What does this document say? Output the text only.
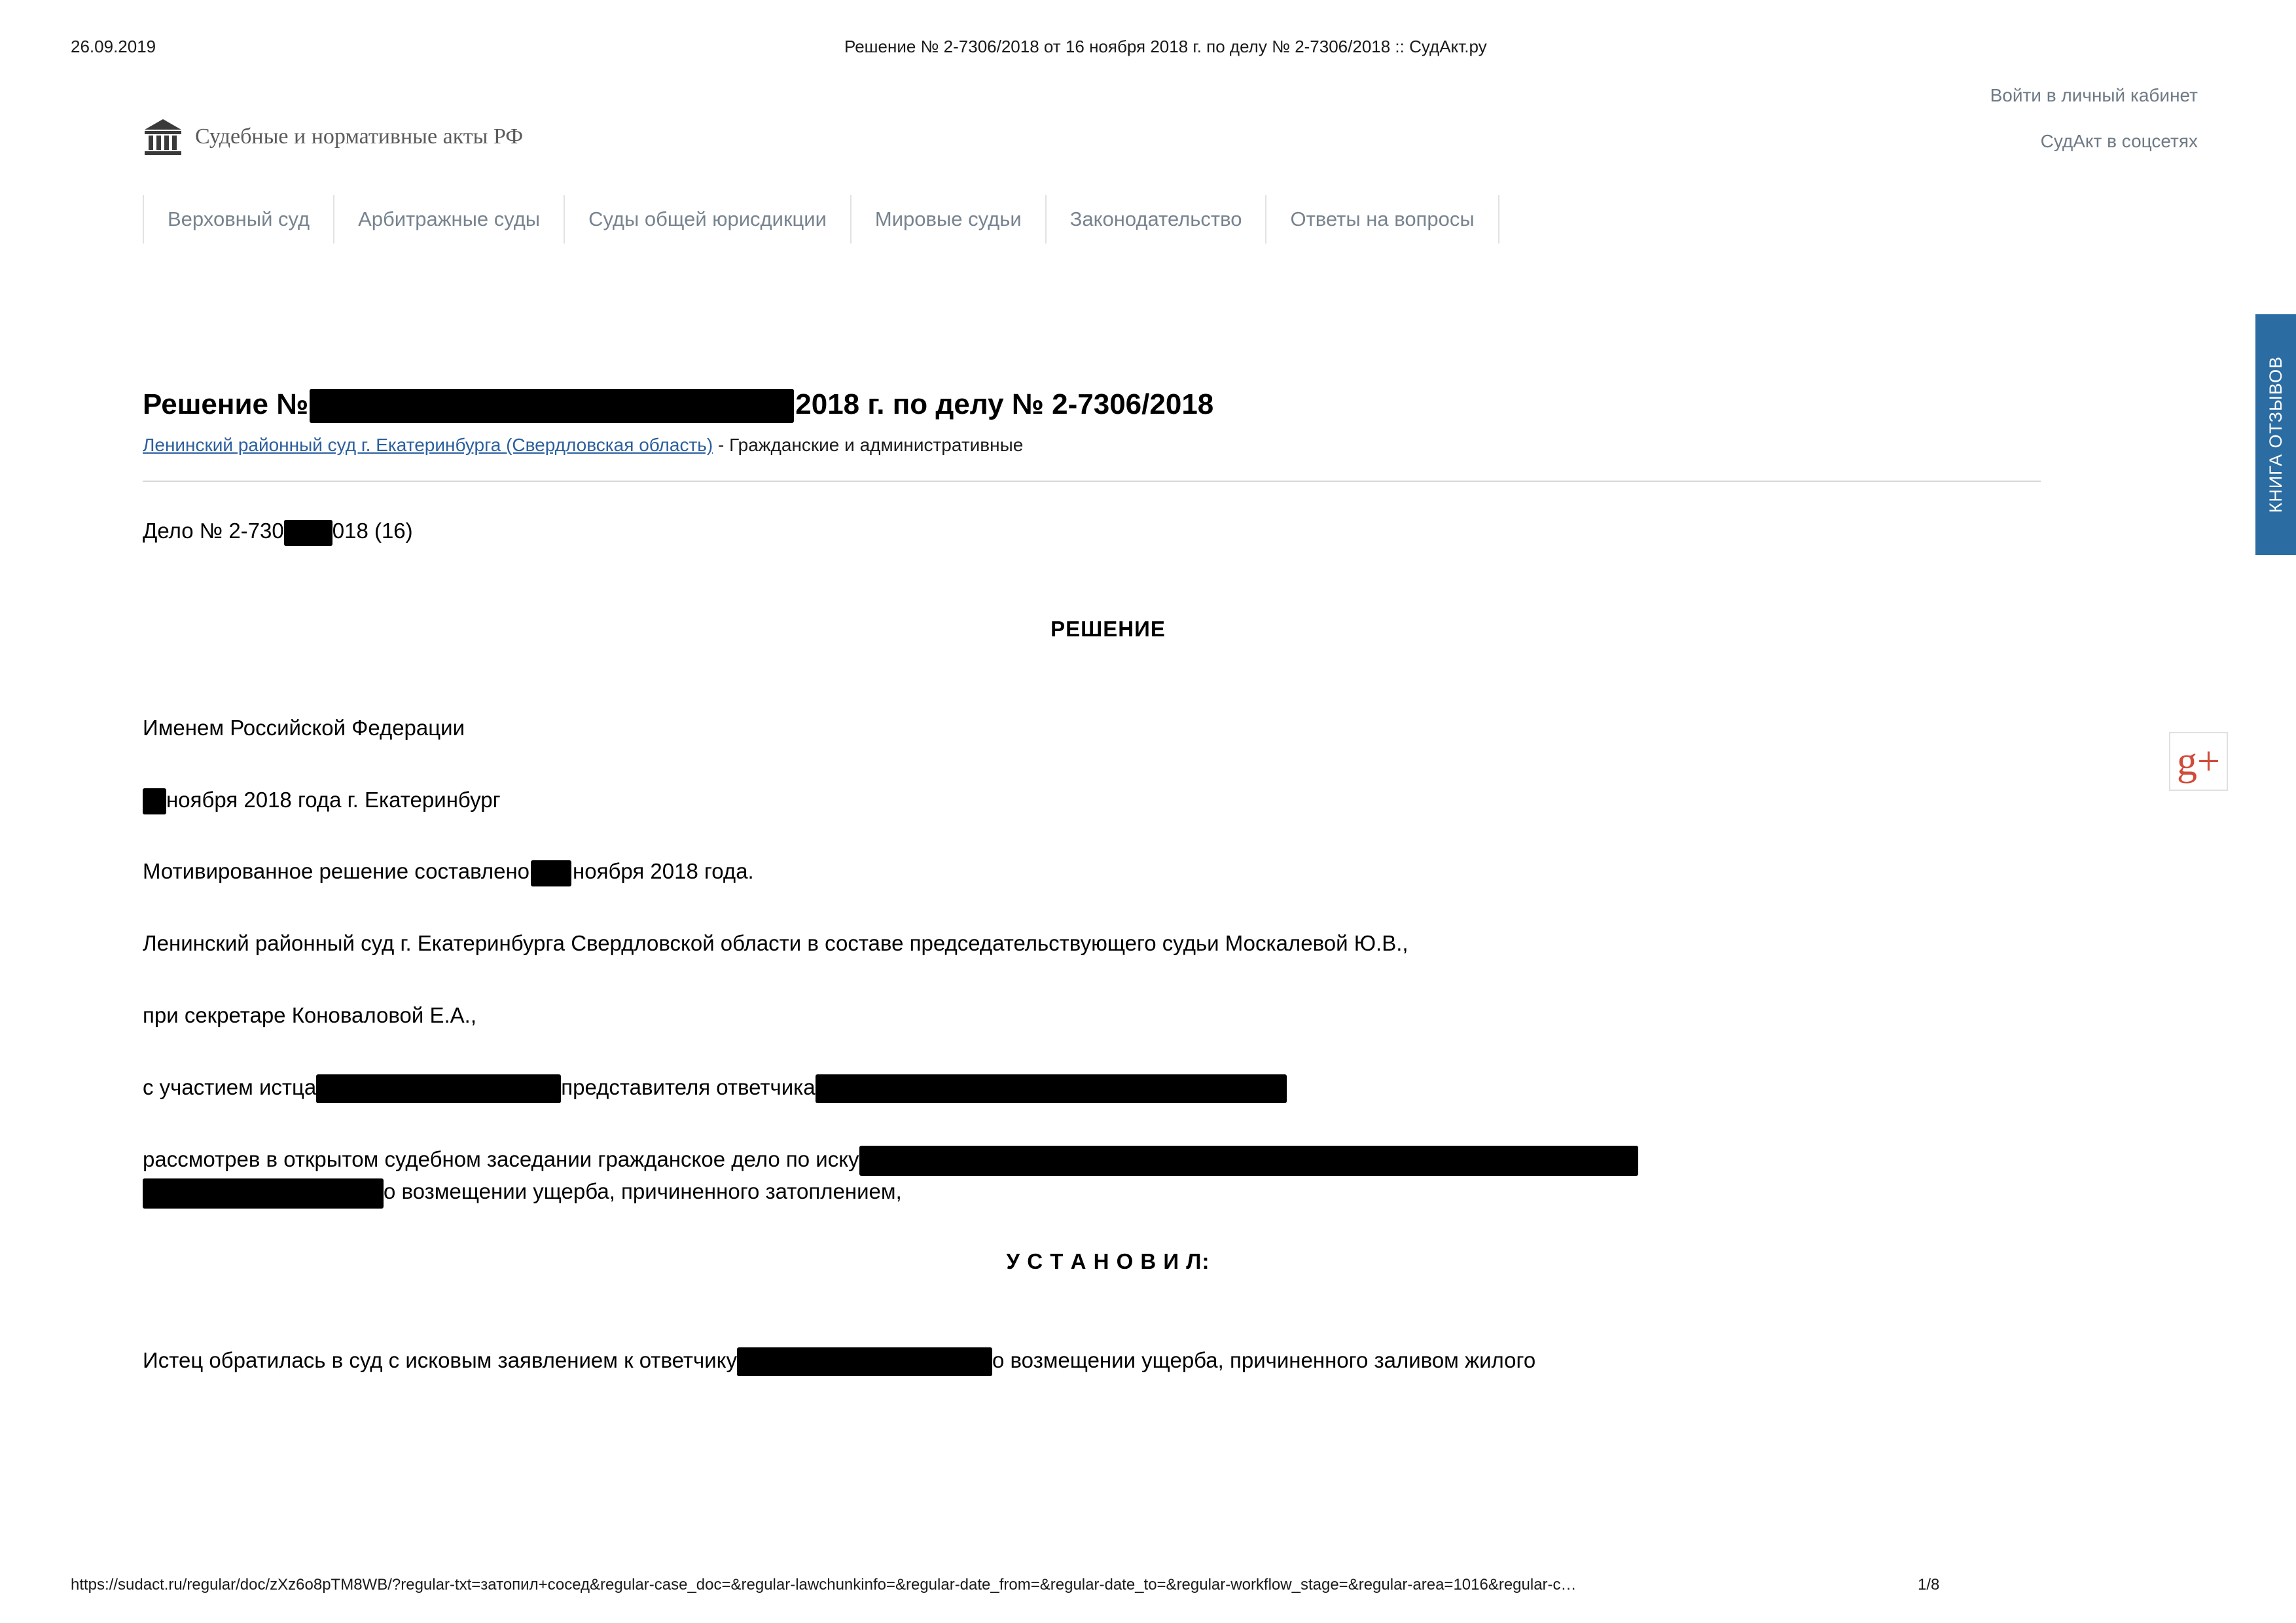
26.09.2019	Решение № 2-7306/2018 от 16 ноября 2018 г. по делу № 2-7306/2018 :: СудАкт.ру
Судебные и нормативные акты РФ
Войти в личный кабинет
СудАкт в соцсетях
Верховный суд	Арбитражные суды	Суды общей юрисдикции	Мировые судьи	Законодательство	Ответы на вопросы
КНИГА ОТЗЫВОВ
g+
Решение №	2018 г. по делу № 2-7306/2018
Ленинский районный суд г. Екатеринбурга (Свердловская область) - Гражданские и административные
Дело № 2-730 018 (16)
РЕШЕНИЕ
Именем Российской Федерации
ноября 2018 года г. Екатеринбург
Мотивированное решение составлено ноября 2018 года.
Ленинский районный суд г. Екатеринбурга Свердловской области в составе председательствующего судьи Москалевой Ю.В.,
при секретаре Коноваловой Е.А.,
с участием истца	представителя ответчика
рассмотрев в открытом судебном заседании гражданское дело по иску
о возмещении ущерба, причиненного затоплением,
У С Т А Н О В И Л:
Истец обратилась в суд с исковым заявлением к ответчику	о возмещении ущерба, причиненного заливом жилого
https://sudact.ru/regular/doc/zXz6o8pTM8WB/?regular-txt=затопил+сосед&regular-case_doc=&regular-lawchunkinfo=&regular-date_from=&regular-date_to=&regular-workflow_stage=&regular-area=1016&regular-c…	1/8
